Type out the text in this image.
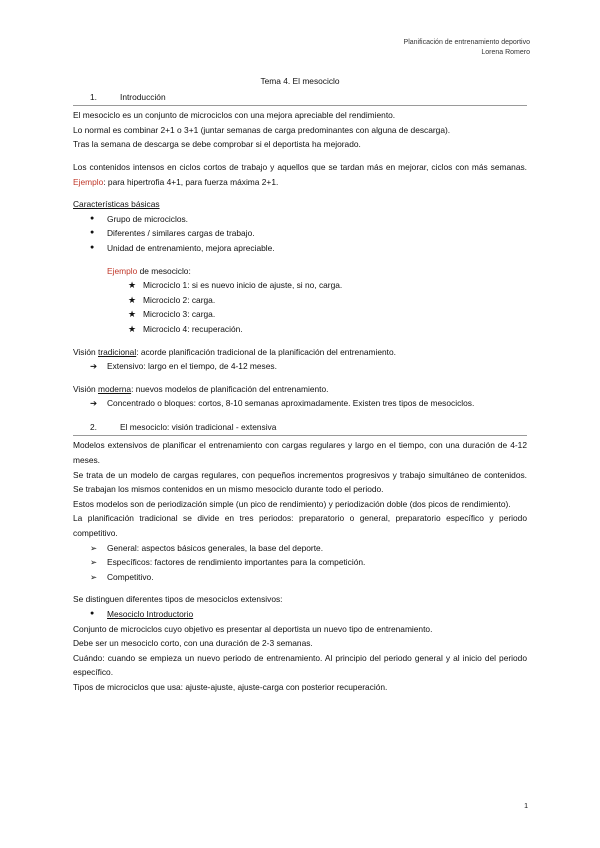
Planificación de entrenamiento deportivo
Lorena Romero

Tema 4. El mesociclo

1.	Introducción

El mesociclo es un conjunto de microciclos con una mejora apreciable del rendimiento.

Lo normal es combinar 2+1 o 3+1 (juntar semanas de carga predominantes con alguna de descarga).

Tras la semana de descarga se debe comprobar si el deportista ha mejorado.

Los contenidos intensos en ciclos cortos de trabajo y aquellos que se tardan más en mejorar, ciclos con más semanas. Ejemplo: para hipertrofia 4+1, para fuerza máxima 2+1.

Características básicas

● Grupo de microciclos.
● Diferentes / similares cargas de trabajo.
● Unidad de entrenamiento, mejora apreciable.

Ejemplo de mesociclo:

★ Microciclo 1: si es nuevo inicio de ajuste, si no, carga.
★ Microciclo 2: carga.
★ Microciclo 3: carga.
★ Microciclo 4: recuperación.

Visión tradicional: acorde planificación tradicional de la planificación del entrenamiento.

➔ Extensivo: largo en el tiempo, de 4-12 meses.

Visión moderna: nuevos modelos de planificación del entrenamiento.

➔ Concentrado o bloques: cortos, 8-10 semanas aproximadamente. Existen tres tipos de mesociclos.
2.	El mesociclo: visión tradicional - extensiva

Modelos extensivos de planificar el entrenamiento con cargas regulares y largo en el tiempo, con una duración de 4-12 meses.

Se trata de un modelo de cargas regulares, con pequeños incrementos progresivos y trabajo simultáneo de contenidos. Se trabajan los mismos contenidos en un mismo mesociclo durante todo el periodo.

Estos modelos son de periodización simple (un pico de rendimiento) y periodización doble (dos picos de rendimiento).

La planificación tradicional se divide en tres periodos: preparatorio o general, preparatorio específico y periodo competitivo.

➢ General: aspectos básicos generales, la base del deporte.
➢ Específicos: factores de rendimiento importantes para la competición.
➢ Competitivo.

Se distinguen diferentes tipos de mesociclos extensivos:

● Mesociclo Introductorio

Conjunto de microciclos cuyo objetivo es presentar al deportista un nuevo tipo de entrenamiento.

Debe ser un mesociclo corto, con una duración de 2-3 semanas.

Cuándo: cuando se empieza un nuevo periodo de entrenamiento. Al principio del periodo general y al inicio del periodo específico.

Tipos de microciclos que usa: ajuste-ajuste, ajuste-carga con posterior recuperación.

1
